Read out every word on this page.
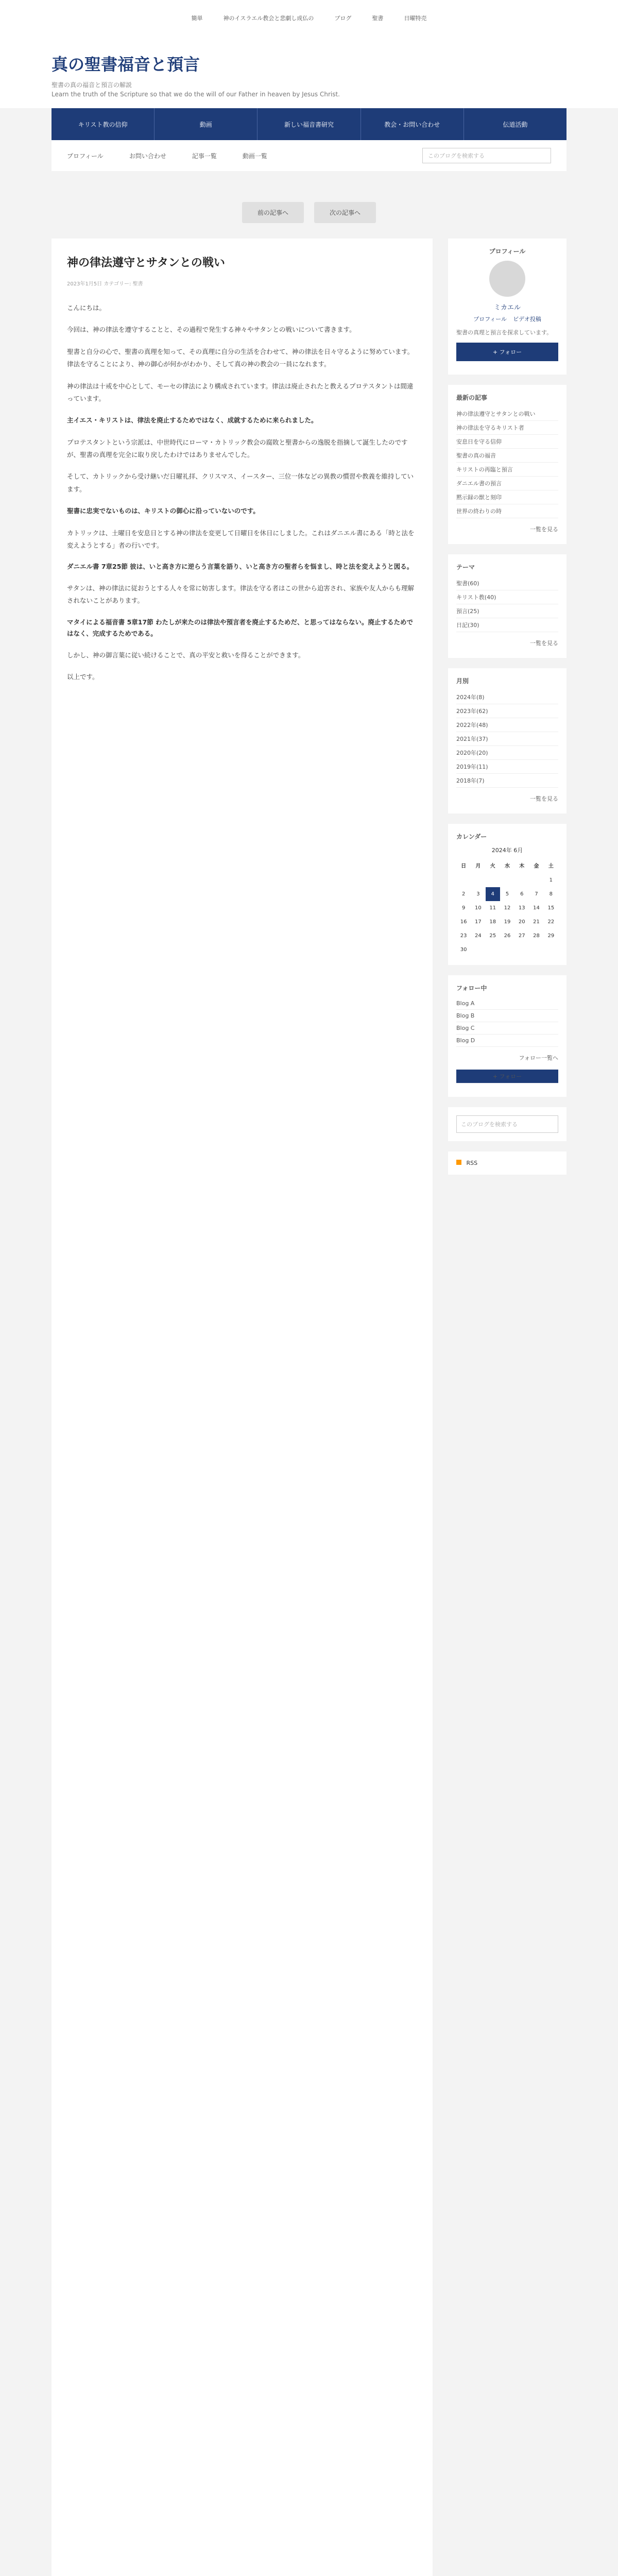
簡単	神のイスラエル教会と悲劇し成仏の	ブログ	聖書	日曜特売
真の聖書福音と預言

聖書の真の福音と預言の解説

Learn the truth of the Scripture so that we do the will of our Father in heaven by Jesus Christ.

キリスト教の信仰	動画	新しい福音書研究	教会・お問い合わせ	伝道活動
プロフィール	お問い合わせ	記事一覧	動画一覧	このブログを検索する
前の記事へ	次の記事へ
神の律法遵守とサタンとの戦い
2023年1月5日 カテゴリー: 聖書

こんにちは。

今回は、神の律法を遵守することと、その過程で発生する神々やサタンとの戦いについて書きます。

聖書と自分の心で、聖書の真理を知って、その真理に自分の生活を合わせて、神の律法を日々守るように努めています。律法を守ることにより、神の御心が何かがわかり、そして真の神の教会の一員になれます。

神の律法は十戒を中心として、モーセの律法により構成されています。律法は廃止されたと教えるプロテスタントは間違っています。

主イエス・キリストは、律法を廃止するためではなく、成就するために来られました。

プロテスタントという宗派は、中世時代にローマ・カトリック教会の腐敗と聖書からの逸脱を指摘して誕生したのですが、聖書の真理を完全に取り戻したわけではありませんでした。

そして、カトリックから受け継いだ日曜礼拝、クリスマス、イースター、三位一体などの異教の慣習や教義を維持しています。

聖書に忠実でないものは、キリストの御心に沿っていないのです。

カトリックは、土曜日を安息日とする神の律法を変更して日曜日を休日にしました。これはダニエル書にある「時と法を変えようとする」者の行いです。

ダニエル書 7章25節 彼は、いと高き方に逆らう言葉を語り、いと高き方の聖者らを悩まし、時と法を変えようと図る。

サタンは、神の律法に従おうとする人々を常に妨害します。律法を守る者はこの世から迫害され、家族や友人からも理解されないことがあります。

マタイによる福音書 5章17節 わたしが来たのは律法や預言者を廃止するためだ、と思ってはならない。廃止するためではなく、完成するためである。

しかし、神の御言葉に従い続けることで、真の平安と救いを得ることができます。

以上です。

プロフィール
ミカエル
プロフィール ビデオ投稿

聖書の真理と預言を探求しています。

+ フォロー
最新の記事
神の律法遵守とサタンとの戦い
神の律法を守るキリスト者
安息日を守る信仰
聖書の真の福音
キリストの再臨と預言
ダニエル書の預言
黙示録の獣と刻印
世界の終わりの時
一覧を見る
テーマ
聖書(60)
キリスト教(40)
預言(25)
日記(30)
一覧を見る
月別
2024年(8)
2023年(62)
2022年(48)
2021年(37)
2020年(20)
2019年(11)
2018年(7)
一覧を見る
カレンダー
2024年 6月
日	月	火	水	木	金	土
						1
2	3	4	5	6	7	8
9	10	11	12	13	14	15
16	17	18	19	20	21	22
23	24	25	26	27	28	29
30						
フォロー中
Blog A
Blog B
Blog C
Blog D
フォロー一覧へ
+ フォロー
このブログを検索する
RSS
